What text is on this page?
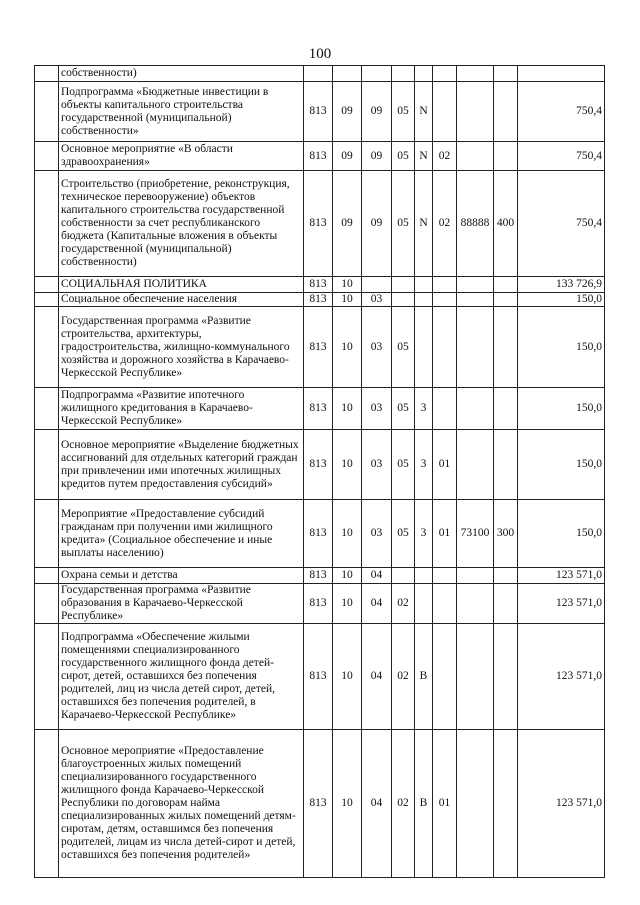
100
	собственности)									
	Подпрограмма «Бюджетные инвестиции в объекты капитального строительства государственной (муниципальной) собственности»	813	09	09	05	N				750,4
	Основное мероприятие «В области здравоохранения»	813	09	09	05	N	02			750,4
	Строительство (приобретение, реконструкция, техническое перевооружение) объектов капитального строительства государственной собственности за счет республиканского бюджета (Капитальные вложения в объекты государственной (муниципальной) собственности)	813	09	09	05	N	02	88888	400	750,4
	СОЦИАЛЬНАЯ ПОЛИТИКА	813	10							133 726,9
	Социальное обеспечение населения	813	10	03						150,0
	Государственная программа «Развитие строительства, архитектуры, градостроительства, жилищно-коммунального хозяйства и дорожного хозяйства в Карачаево-Черкесской Республике»	813	10	03	05					150,0
	Подпрограмма «Развитие ипотечного жилищного кредитования в Карачаево-Черкесской Республике»	813	10	03	05	3				150,0
	Основное мероприятие «Выделение бюджетных ассигнований для отдельных категорий граждан при привлечении ими ипотечных жилищных кредитов путем предоставления субсидий»	813	10	03	05	3	01			150,0
	Мероприятие «Предоставление субсидий гражданам при получении ими жилищного кредита» (Социальное обеспечение и иные выплаты населению)	813	10	03	05	3	01	73100	300	150,0
	Охрана семьи и детства	813	10	04						123 571,0
	Государственная программа «Развитие образования в Карачаево-Черкесской Республике»	813	10	04	02					123 571,0
	Подпрограмма «Обеспечение жилыми помещениями специализированного государственного жилищного фонда детей-сирот, детей, оставшихся без попечения родителей, лиц из числа детей сирот, детей, оставшихся без попечения родителей, в Карачаево-Черкесской Республике»	813	10	04	02	В				123 571,0
	Основное мероприятие «Предоставление благоустроенных жилых помещений специализированного государственного жилищного фонда Карачаево-Черкесской Республики по договорам найма специализированных жилых помещений детям-сиротам, детям, оставшимся без попечения родителей, лицам из числа детей-сирот и детей, оставшихся без попечения родителей»	813	10	04	02	В	01			123 571,0
